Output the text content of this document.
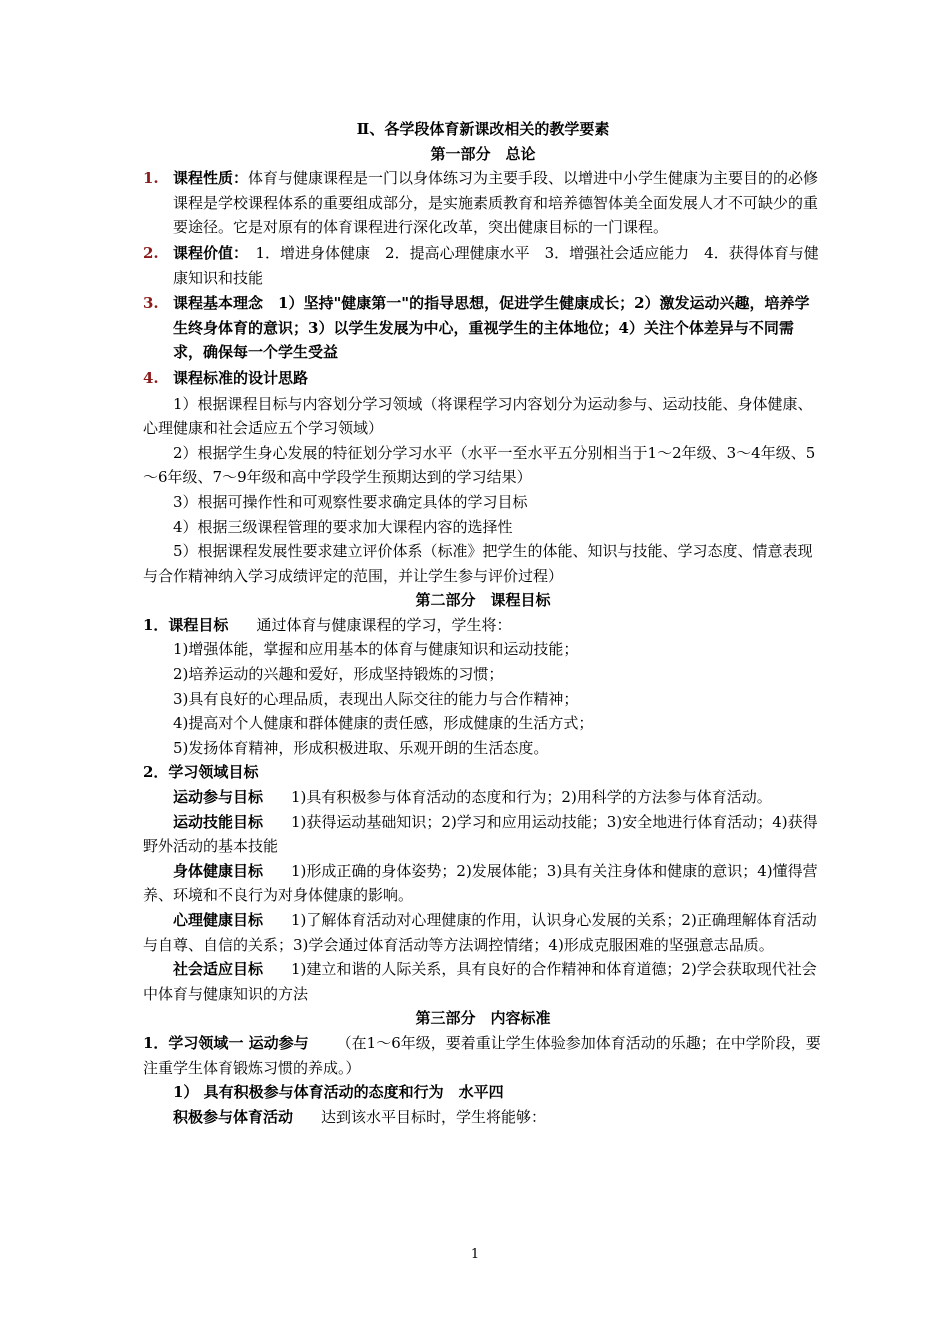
Ⅱ、各学段体育新课改相关的教学要素

第一部分　总论

1. 课程性质：体育与健康课程是一门以身体练习为主要手段、以增进中小学生健康为主要目的的必修课程是学校课程体系的重要组成部分，是实施素质教育和培养德智体美全面发展人才不可缺少的重要途径。它是对原有的体育课程进行深化改革，突出健康目标的一门课程。
2. 课程价值：　1．增进身体健康　2．提高心理健康水平　3．增强社会适应能力　4．获得体育与健康知识和技能
3. 课程基本理念　1）坚持"健康第一"的指导思想，促进学生健康成长；2）激发运动兴趣，培养学生终身体育的意识；3）以学生发展为中心，重视学生的主体地位；4）关注个体差异与不同需求，确保每一个学生受益
4. 课程标准的设计思路

1）根据课程目标与内容划分学习领域（将课程学习内容划分为运动参与、运动技能、身体健康、心理健康和社会适应五个学习领域）

2）根据学生身心发展的特征划分学习水平（水平一至水平五分别相当于1～2年级、3～4年级、5～6年级、7～9年级和高中学段学生预期达到的学习结果）

3）根据可操作性和可观察性要求确定具体的学习目标

4）根据三级课程管理的要求加大课程内容的选择性

5）根据课程发展性要求建立评价体系（标准》把学生的体能、知识与技能、学习态度、情意表现与合作精神纳入学习成绩评定的范围，并让学生参与评价过程）

第二部分　课程目标

1．课程目标 通过体育与健康课程的学习，学生将：

1)增强体能，掌握和应用基本的体育与健康知识和运动技能；

2)培养运动的兴趣和爱好，形成坚持锻炼的习惯；

3)具有良好的心理品质，表现出人际交往的能力与合作精神；

4)提高对个人健康和群体健康的责任感，形成健康的生活方式；

5)发扬体育精神，形成积极进取、乐观开朗的生活态度。

2．学习领域目标

运动参与目标 1)具有积极参与体育活动的态度和行为；2)用科学的方法参与体育活动。

运动技能目标 1)获得运动基础知识；2)学习和应用运动技能；3)安全地进行体育活动；4)获得野外活动的基本技能

身体健康目标 1)形成正确的身体姿势；2)发展体能；3)具有关注身体和健康的意识；4)懂得营养、环境和不良行为对身体健康的影响。

心理健康目标 1)了解体育活动对心理健康的作用，认识身心发展的关系；2)正确理解体育活动与自尊、自信的关系；3)学会通过体育活动等方法调控情绪；4)形成克服困难的坚强意志品质。

社会适应目标 1)建立和谐的人际关系，具有良好的合作精神和体育道德；2)学会获取现代社会中体育与健康知识的方法

第三部分　内容标准

1．学习领域一 运动参与 （在1～6年级，要着重让学生体验参加体育活动的乐趣；在中学阶段，要注重学生体育锻炼习惯的养成。）

1） 具有积极参与体育活动的态度和行为　水平四

积极参与体育活动 达到该水平目标时，学生将能够：

1
